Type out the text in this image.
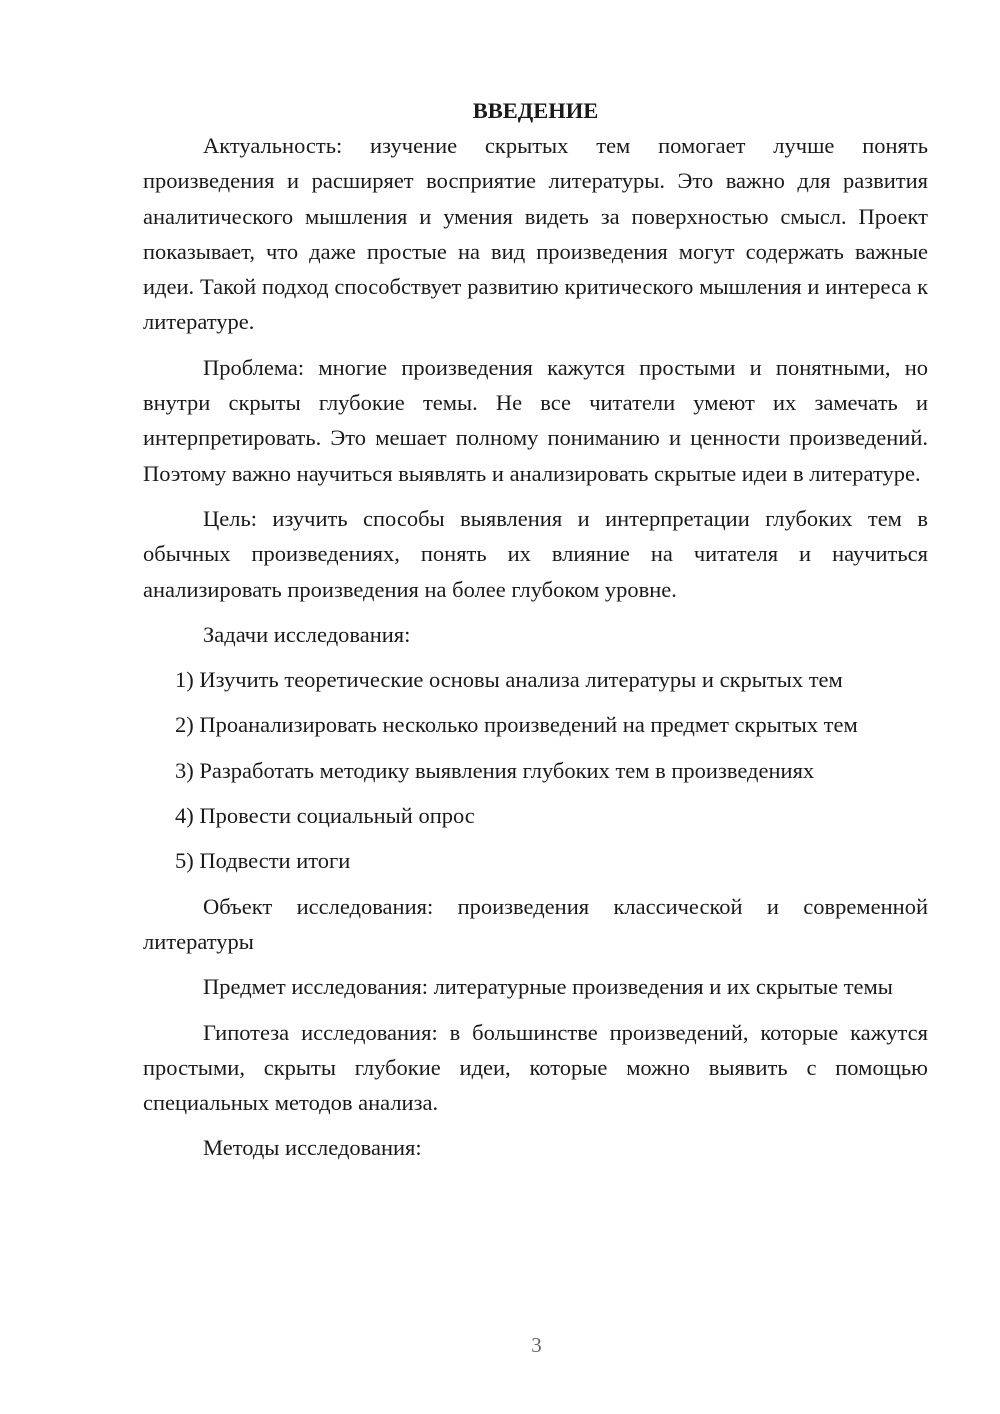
ВВЕДЕНИЕ

Актуальность: изучение скрытых тем помогает лучше понять произведения и расширяет восприятие литературы. Это важно для развития аналитического мышления и умения видеть за поверхностью смысл. Проект показывает, что даже простые на вид произведения могут содержать важные идеи. Такой подход способствует развитию критического мышления и интереса к литературе.

Проблема: многие произведения кажутся простыми и понятными, но внутри скрыты глубокие темы. Не все читатели умеют их замечать и интерпретировать. Это мешает полному пониманию и ценности произведений. Поэтому важно научиться выявлять и анализировать скрытые идеи в литературе.

Цель: изучить способы выявления и интерпретации глубоких тем в обычных произведениях, понять их влияние на читателя и научиться анализировать произведения на более глубоком уровне.

Задачи исследования:

1) Изучить теоретические основы анализа литературы и скрытых тем

2) Проанализировать несколько произведений на предмет скрытых тем

3) Разработать методику выявления глубоких тем в произведениях

4) Провести социальный опрос

5) Подвести итоги

Объект исследования: произведения классической и современной литературы

Предмет исследования: литературные произведения и их скрытые темы

Гипотеза исследования: в большинстве произведений, которые кажутся простыми, скрыты глубокие идеи, которые можно выявить с помощью специальных методов анализа.

Методы исследования:

3
